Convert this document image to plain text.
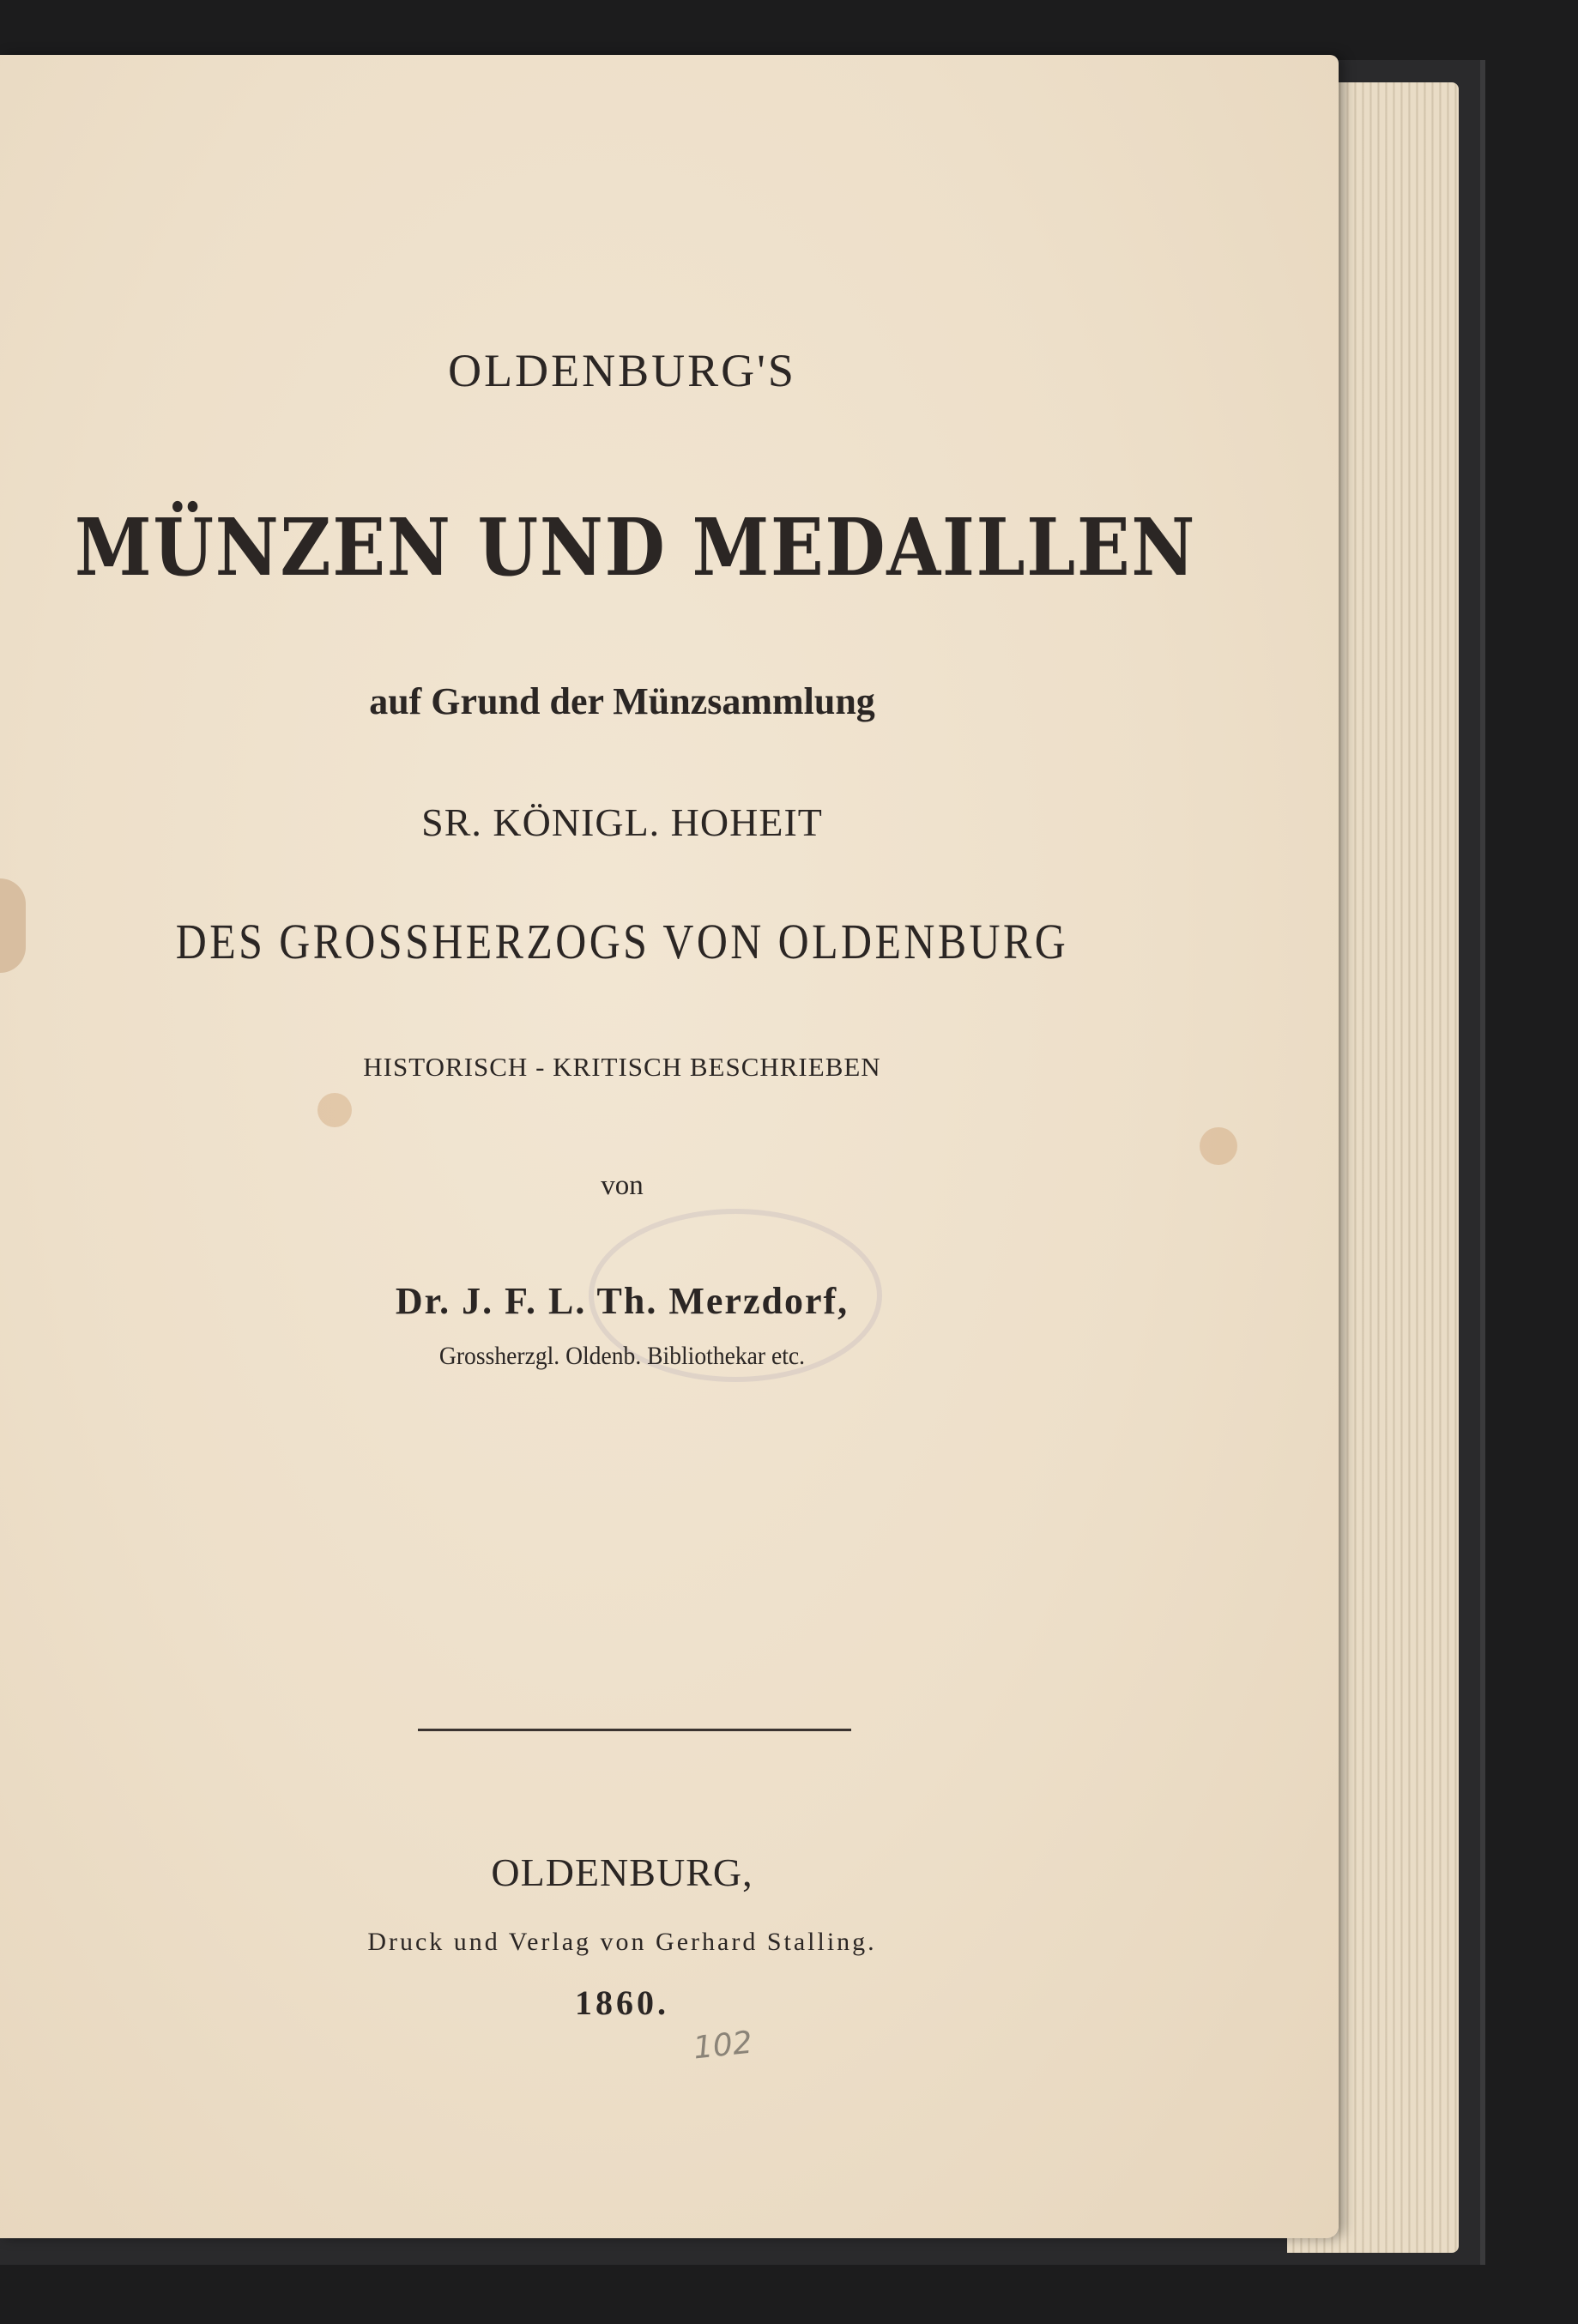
OLDENBURG'S
MÜNZEN UND MEDAILLEN
auf Grund der Münzsammlung
SR. KÖNIGL. HOHEIT
DES GROSSHERZOGS VON OLDENBURG
HISTORISCH - KRITISCH BESCHRIEBEN
von
Dr. J. F. L. Th. Merzdorf,
Grossherzgl. Oldenb. Bibliothekar etc.
OLDENBURG,
Druck und Verlag von Gerhard Stalling.
1860.
102
